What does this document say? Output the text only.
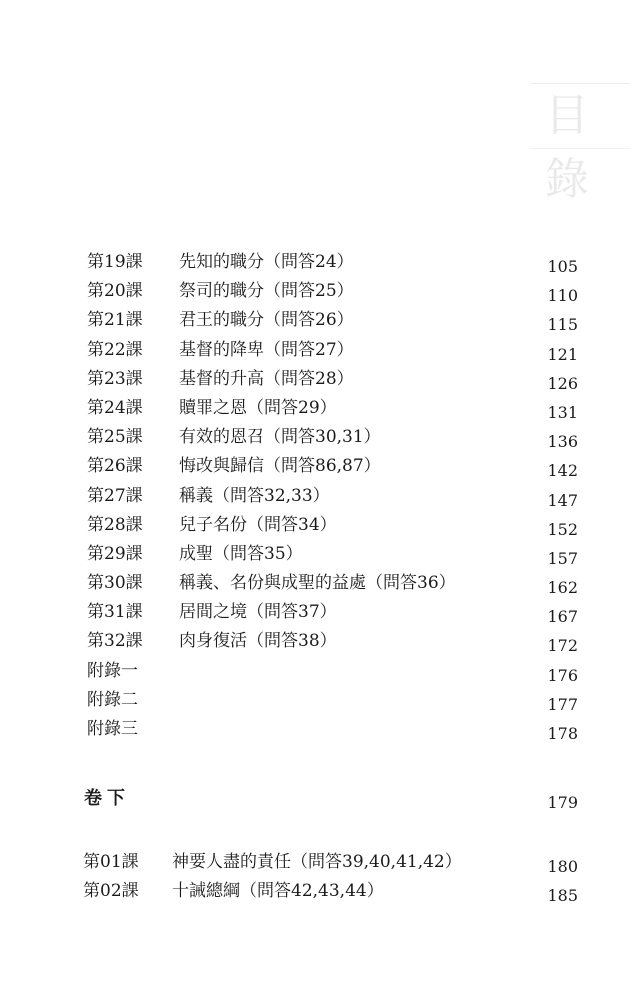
目錄
第19課 先知的職分（問答24）	105
第20課 祭司的職分（問答25）	110
第21課 君王的職分（問答26）	115
第22課 基督的降卑（問答27）	121
第23課 基督的升高（問答28）	126
第24課 贖罪之恩（問答29）	131
第25課 有效的恩召（問答30,31）	136
第26課 悔改與歸信（問答86,87）	142
第27課 稱義（問答32,33）	147
第28課 兒子名份（問答34）	152
第29課 成聖（問答35）	157
第30課 稱義、名份與成聖的益處（問答36）	162
第31課 居間之境（問答37）	167
第32課 肉身復活（問答38）	172
附錄一	176
附錄二	177
附錄三	178
卷下	179
第01課 神要人盡的責任（問答39,40,41,42）	180
第02課 十誡總綱（問答42,43,44）	185
